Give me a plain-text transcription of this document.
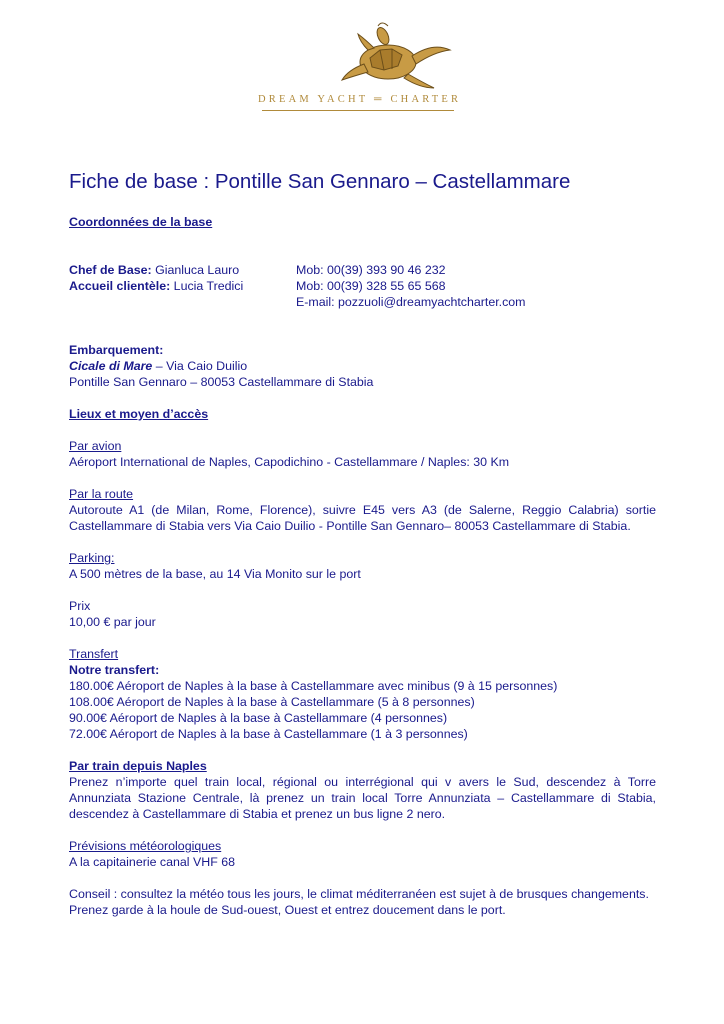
DREAM YACHT ═ CHARTER
Fiche de base : Pontille San Gennaro – Castellammare

Coordonnées de la base

Chef de Base: Gianluca Lauro

Accueil clientèle: Lucia Tredici

Mob: 00(39) 393 90 46 232

Mob: 00(39) 328 55 65 568

E-mail: pozzuoli@dreamyachtcharter.com

Embarquement:

Cicale di Mare – Via Caio Duilio

Pontille San Gennaro – 80053 Castellammare di Stabia

Lieux et moyen d’accès

Par avion

Aéroport International de Naples, Capodichino - Castellammare / Naples: 30 Km

Par la route

Autoroute A1 (de Milan, Rome, Florence), suivre E45 vers A3 (de Salerne, Reggio Calabria) sortie Castellammare di Stabia vers Via Caio Duilio - Pontille San Gennaro– 80053 Castellammare di Stabia.

Parking:

A 500 mètres de la base, au 14 Via Monito sur le port

Prix

10,00 € par jour

Transfert

Notre transfert:

180.00€ Aéroport de Naples à la base à Castellammare avec minibus (9 à 15 personnes)

108.00€ Aéroport de Naples à la base à Castellammare (5 à 8 personnes)

90.00€ Aéroport de Naples à la base à Castellammare (4 personnes)

72.00€ Aéroport de Naples à la base à Castellammare (1 à 3 personnes)

Par train depuis Naples

Prenez n’importe quel train local, régional ou interrégional qui v avers le Sud, descendez à Torre Annunziata Stazione Centrale, là prenez un train local Torre Annunziata – Castellammare di Stabia, descendez à Castellammare di Stabia et prenez un bus ligne 2 nero.

Prévisions météorologiques

A la capitainerie canal VHF 68

Conseil : consultez la météo tous les jours, le climat méditerranéen est sujet à de brusques changements.

Prenez garde à la houle de Sud-ouest, Ouest et entrez doucement dans le port.
